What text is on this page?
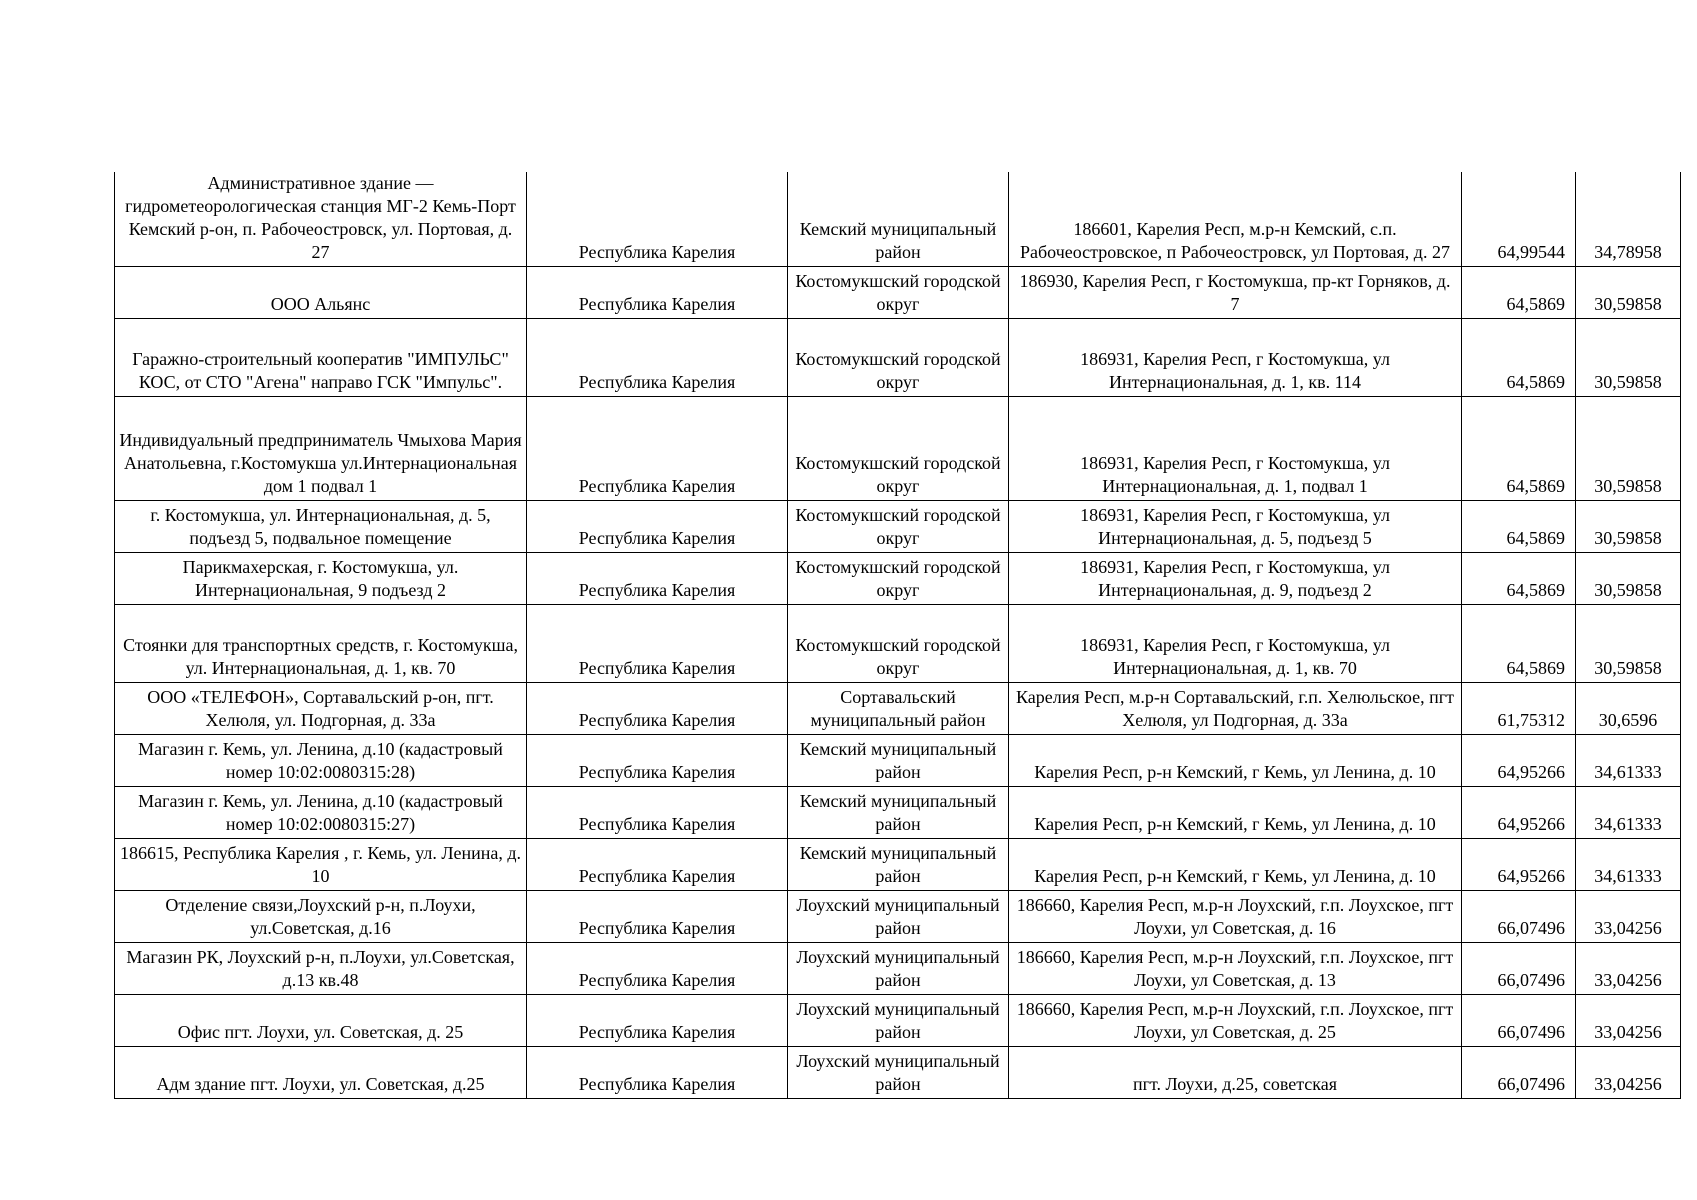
Административное здание — гидрометеорологическая станция МГ-2 Кемь-Порт Кемский р-он, п. Рабочеостровск, ул. Портовая, д. 27	Республика Карелия	Кемский муниципальный район	186601, Карелия Респ, м.р-н Кемский, с.п. Рабочеостровское, п Рабочеостровск, ул Портовая, д. 27	64,99544	34,78958
ООО Альянс	Республика Карелия	Костомукшский городской округ	186930, Карелия Респ, г Костомукша, пр-кт Горняков, д. 7	64,5869	30,59858
Гаражно-строительный кооператив "ИМПУЛЬС" КОС, от СТО "Агена" направо ГСК "Импульс".	Республика Карелия	Костомукшский городской округ	186931, Карелия Респ, г Костомукша, ул Интернациональная, д. 1, кв. 114	64,5869	30,59858
Индивидуальный предприниматель Чмыхова Мария Анатольевна, г.Костомукша ул.Интернациональная дом 1 подвал 1	Республика Карелия	Костомукшский городской округ	186931, Карелия Респ, г Костомукша, ул Интернациональная, д. 1, подвал 1	64,5869	30,59858
г. Костомукша, ул. Интернациональная, д. 5, подъезд 5, подвальное помещение	Республика Карелия	Костомукшский городской округ	186931, Карелия Респ, г Костомукша, ул Интернациональная, д. 5, подъезд 5	64,5869	30,59858
Парикмахерская, г. Костомукша, ул. Интернациональная, 9 подъезд 2	Республика Карелия	Костомукшский городской округ	186931, Карелия Респ, г Костомукша, ул Интернациональная, д. 9, подъезд 2	64,5869	30,59858
Стоянки для транспортных средств, г. Костомукша, ул. Интернациональная, д. 1, кв. 70	Республика Карелия	Костомукшский городской округ	186931, Карелия Респ, г Костомукша, ул Интернациональная, д. 1, кв. 70	64,5869	30,59858
ООО «ТЕЛЕФОН», Сортавальский р-он, пгт. Хелюля, ул. Подгорная, д. 33а	Республика Карелия	Сортавальский муниципальный район	Карелия Респ, м.р-н Сортавальский, г.п. Хелюльское, пгт Хелюля, ул Подгорная, д. 33а	61,75312	30,6596
Магазин г. Кемь, ул. Ленина, д.10 (кадастровый номер 10:02:0080315:28)	Республика Карелия	Кемский муниципальный район	Карелия Респ, р-н Кемский, г Кемь, ул Ленина, д. 10	64,95266	34,61333
Магазин г. Кемь, ул. Ленина, д.10 (кадастровый номер 10:02:0080315:27)	Республика Карелия	Кемский муниципальный район	Карелия Респ, р-н Кемский, г Кемь, ул Ленина, д. 10	64,95266	34,61333
186615, Республика Карелия , г. Кемь, ул. Ленина, д. 10	Республика Карелия	Кемский муниципальный район	Карелия Респ, р-н Кемский, г Кемь, ул Ленина, д. 10	64,95266	34,61333
Отделение связи,Лоухский р-н, п.Лоухи, ул.Советская, д.16	Республика Карелия	Лоухский муниципальный район	186660, Карелия Респ, м.р-н Лоухский, г.п. Лоухское, пгт Лоухи, ул Советская, д. 16	66,07496	33,04256
Магазин РК, Лоухский р-н, п.Лоухи, ул.Советская, д.13 кв.48	Республика Карелия	Лоухский муниципальный район	186660, Карелия Респ, м.р-н Лоухский, г.п. Лоухское, пгт Лоухи, ул Советская, д. 13	66,07496	33,04256
Офис пгт. Лоухи, ул. Советская, д. 25	Республика Карелия	Лоухский муниципальный район	186660, Карелия Респ, м.р-н Лоухский, г.п. Лоухское, пгт Лоухи, ул Советская, д. 25	66,07496	33,04256
Адм здание пгт. Лоухи, ул. Советская, д.25	Республика Карелия	Лоухский муниципальный район	пгт. Лоухи, д.25, советская	66,07496	33,04256
